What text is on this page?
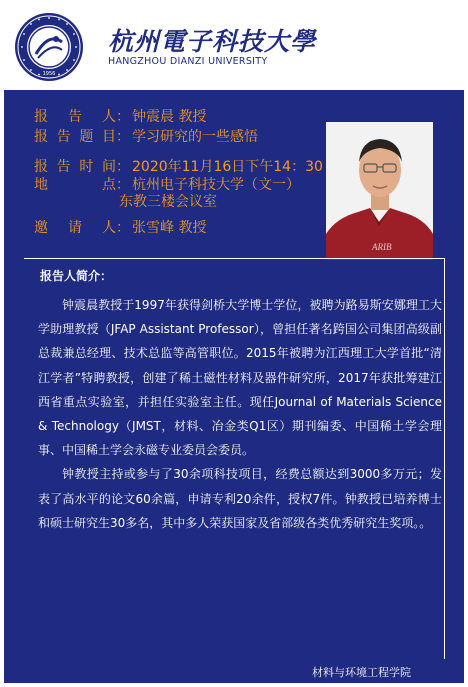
1956
杭州電子科技大學
HANGZHOU DIANZI UNIVERSITY
报 告 人： 钟震晨 教授
报告题目： 学习研究的一些感悟
报告时间： 2020年11月16日下午14：30
地 点： 杭州电子科技大学（文一）
东教三楼会议室
邀 请 人： 张雪峰 教授
ARIB
报告人简介：

钟震晨教授于1997年获得剑桥大学博士学位，被聘为路易斯安娜理工大学助理教授（JFAP Assistant Professor），曾担任著名跨国公司集团高级副总裁兼总经理、技术总监等高管职位。2015年被聘为江西理工大学首批“清江学者”特聘教授，创建了稀土磁性材料及器件研究所，2017年获批筹建江西省重点实验室，并担任实验室主任。现任Journal of Materials Science & Technology（JMST，材料、冶金类Q1区）期刊编委、中国稀土学会理事、中国稀土学会永磁专业委员会委员。

钟教授主持或参与了30余项科技项目，经费总额达到3000多万元；发表了高水平的论文60余篇，申请专利20余件，授权7件。钟教授已培养博士和硕士研究生30多名，其中多人荣获国家及省部级各类优秀研究生奖项。。

材料与环境工程学院
